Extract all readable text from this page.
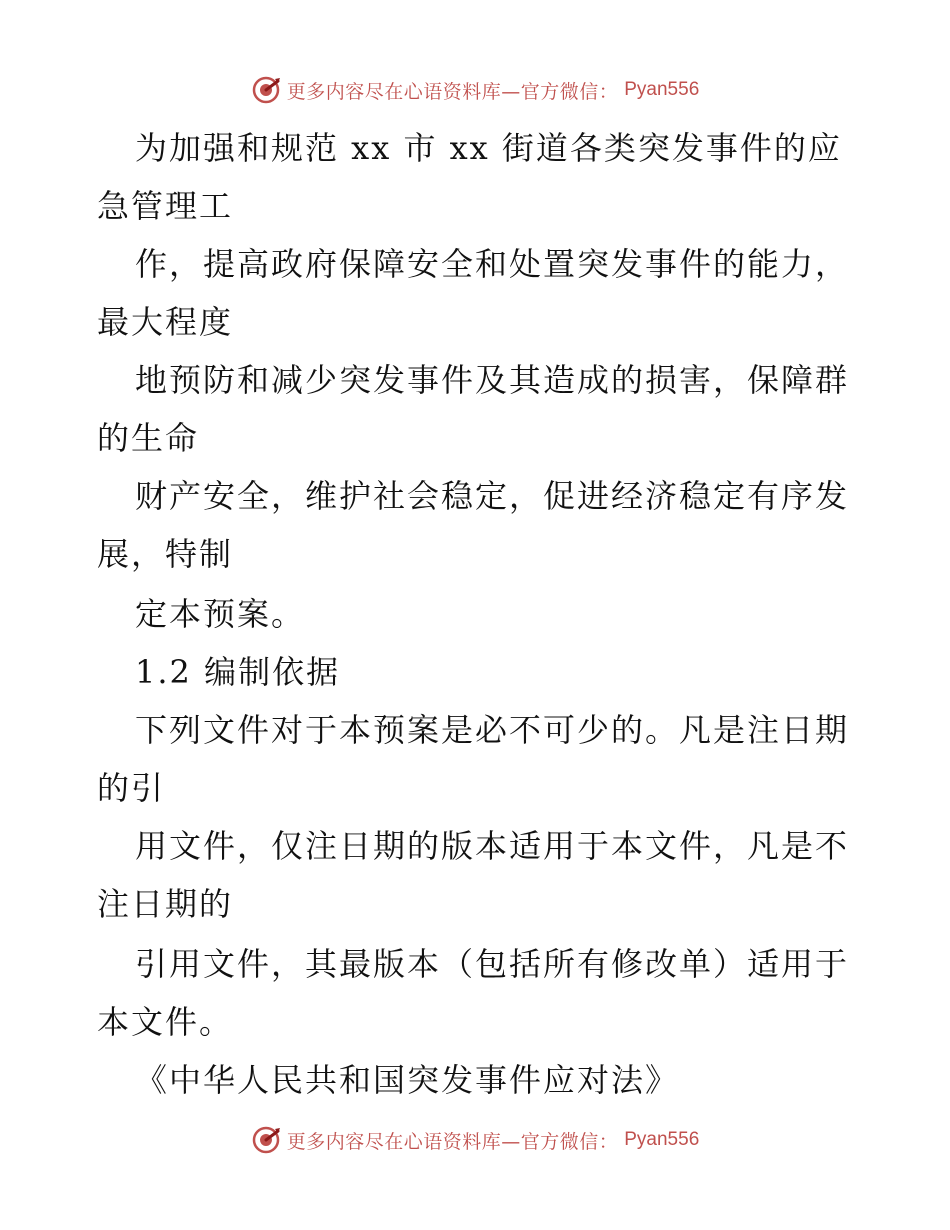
更多内容尽在心语资料库—官方微信： Pyan556
为加强和规范 xx 市 xx 街道各类突发事件的应
急管理工
作，提高政府保障安全和处置突发事件的能力，
最大程度
地预防和减少突发事件及其造成的损害，保障群
的生命
财产安全，维护社会稳定，促进经济稳定有序发
展，特制
定本预案。
1.2 编制依据
下列文件对于本预案是必不可少的。凡是注日期
的引
用文件，仅注日期的版本适用于本文件，凡是不
注日期的
引用文件，其最版本（包括所有修改单）适用于
本文件。
《中华人民共和国突发事件应对法》
更多内容尽在心语资料库—官方微信： Pyan556
